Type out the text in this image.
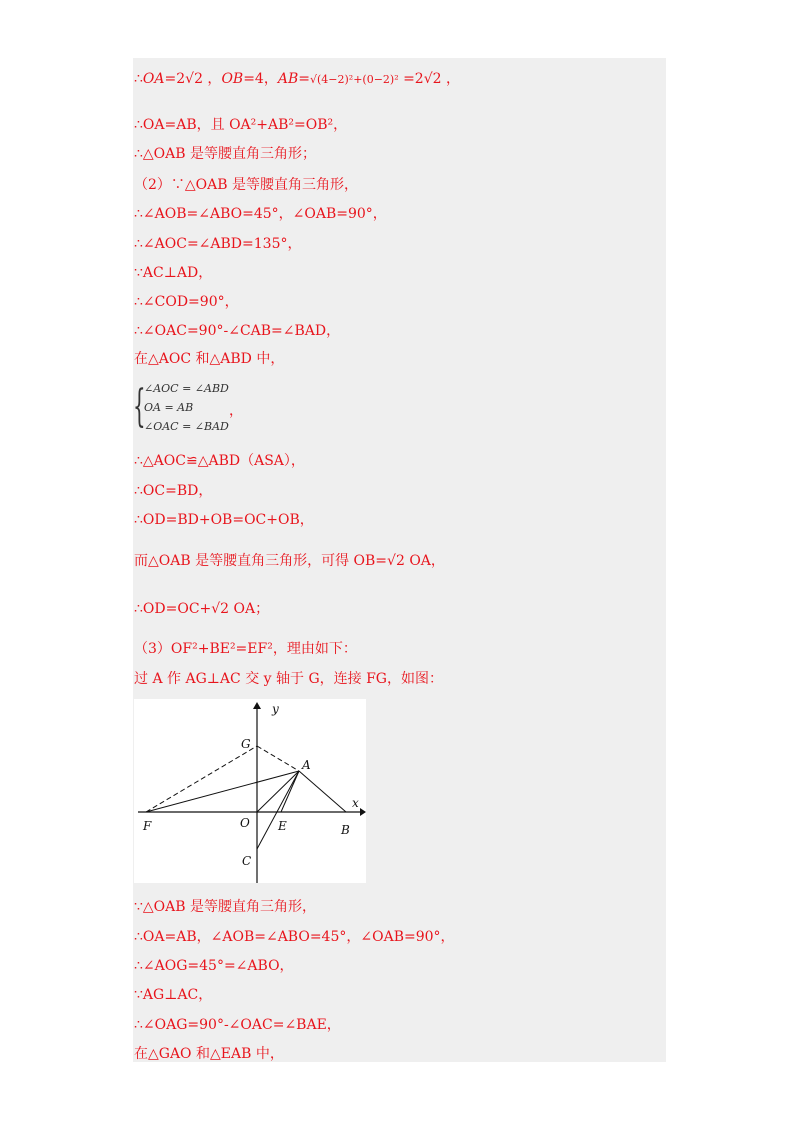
∴OA=2√2 ，OB=4，AB=√(4−2)²+(0−2)² =2√2 ，
∴OA=AB，且 OA²+AB²=OB²，
∴△OAB 是等腰直角三角形；
（2）∵△OAB 是等腰直角三角形，
∴∠AOB=∠ABO=45°，∠OAB=90°，
∴∠AOC=∠ABD=135°，
∵AC⊥AD，
∴∠COD=90°，
∴∠OAC=90°-∠CAB=∠BAD，
在△AOC 和△ABD 中，
{
∠AOC = ∠ABD
OA = AB
∠OAC = ∠BAD
，
∴△AOC≌△ABD（ASA），
∴OC=BD，
∴OD=BD+OB=OC+OB，
而△OAB 是等腰直角三角形，可得 OB=√2 OA，
∴OD=OC+√2 OA；
（3）OF²+BE²=EF²，理由如下：
过 A 作 AG⊥AC 交 y 轴于 G，连接 FG，如图：
y
x
G
A
F	O E	B
C
∵△OAB 是等腰直角三角形，
∴OA=AB，∠AOB=∠ABO=45°，∠OAB=90°，
∴∠AOG=45°=∠ABO，
∵AG⊥AC，
∴∠OAG=90°-∠OAC=∠BAE，
在△GAO 和△EAB 中，
